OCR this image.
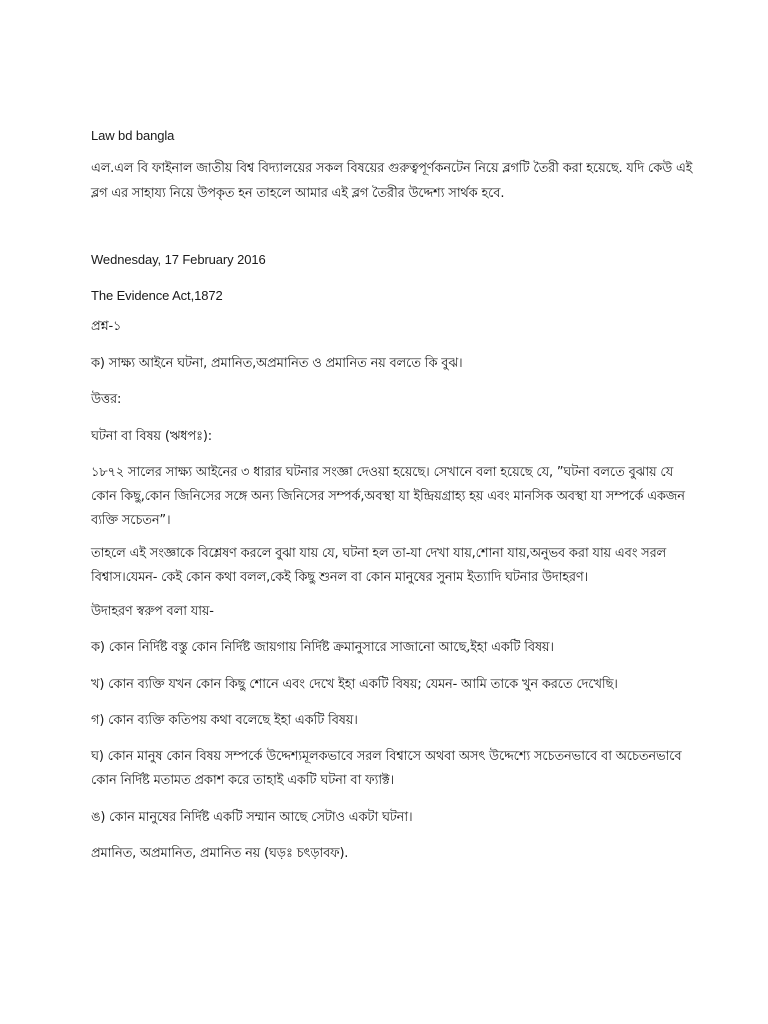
Law bd bangla
এল.এল বি ফাইনাল জাতীয় বিশ্ব বিদ্যালয়ের সকল বিষয়ের গুরুত্বপূর্ণকনটেন নিয়ে ব্লগটি তৈরী করা হয়েছে. যদি কেউ এই
ব্লগ এর সাহায্য নিয়ে উপকৃত হন তাহলে আমার এই ব্লগ তৈরীর উদ্দেশ্য সার্থক হবে.
Wednesday, 17 February 2016
The Evidence Act,1872
প্রশ্ন-১
ক) সাক্ষ্য আইনে ঘটনা, প্রমানিত,অপ্রমানিত ও প্রমানিত নয় বলতে কি বুঝ।
উত্তর:
ঘটনা বা বিষয় (ঋধপঃ):
১৮৭২ সালের সাক্ষ্য আইনের ৩ ধারার ঘটনার সংজ্ঞা দেওয়া হয়েছে। সেখানে বলা হয়েছে যে, ”ঘটনা বলতে বুঝায় যে
কোন কিছু,কোন জিনিসের সঙ্গে অন্য জিনিসের সম্পর্ক,অবস্থা যা ইন্দ্রিয়গ্রাহ্য হয় এবং মানসিক অবস্থা যা সম্পর্কে একজন
ব্যক্তি সচেতন”।
তাহলে এই সংজ্ঞাকে বিশ্লেষণ করলে বুঝা যায় যে, ঘটনা হল তা-যা দেখা যায়,শোনা যায়,অনুভব করা যায় এবং সরল
বিশ্বাস।যেমন- কেই কোন কথা বলল,কেই কিছু শুনল বা কোন মানুষের সুনাম ইত্যাদি ঘটনার উদাহরণ।
উদাহরণ স্বরুপ বলা যায়-
ক) কোন নির্দিষ্ট বস্তু কোন নির্দিষ্ট জায়গায় নির্দিষ্ট ক্রমানুসারে সাজানো আছে,ইহা একটি বিষয়।
খ) কোন ব্যক্তি যখন কোন কিছু শোনে এবং দেখে ইহা একটি বিষয়; যেমন- আমি তাকে খুন করতে দেখেছি।
গ) কোন ব্যক্তি কতিপয় কথা বলেছে ইহা একটি বিষয়।
ঘ) কোন মানুষ কোন বিষয় সম্পর্কে উদ্দেশ্যমূলকভাবে সরল বিশ্বাসে অথবা অসৎ উদ্দেশ্যে সচেতনভাবে বা অচেতনভাবে
কোন নির্দিষ্ট মতামত প্রকাশ করে তাহাই একটি ঘটনা বা ফ্যাক্ট।
ঙ) কোন মানুষের নির্দিষ্ট একটি সম্মান আছে সেটাও একটা ঘটনা।
প্রমানিত, অপ্রমানিত, প্রমানিত নয় (ঘড়ঃ চৎড়াবফ).
